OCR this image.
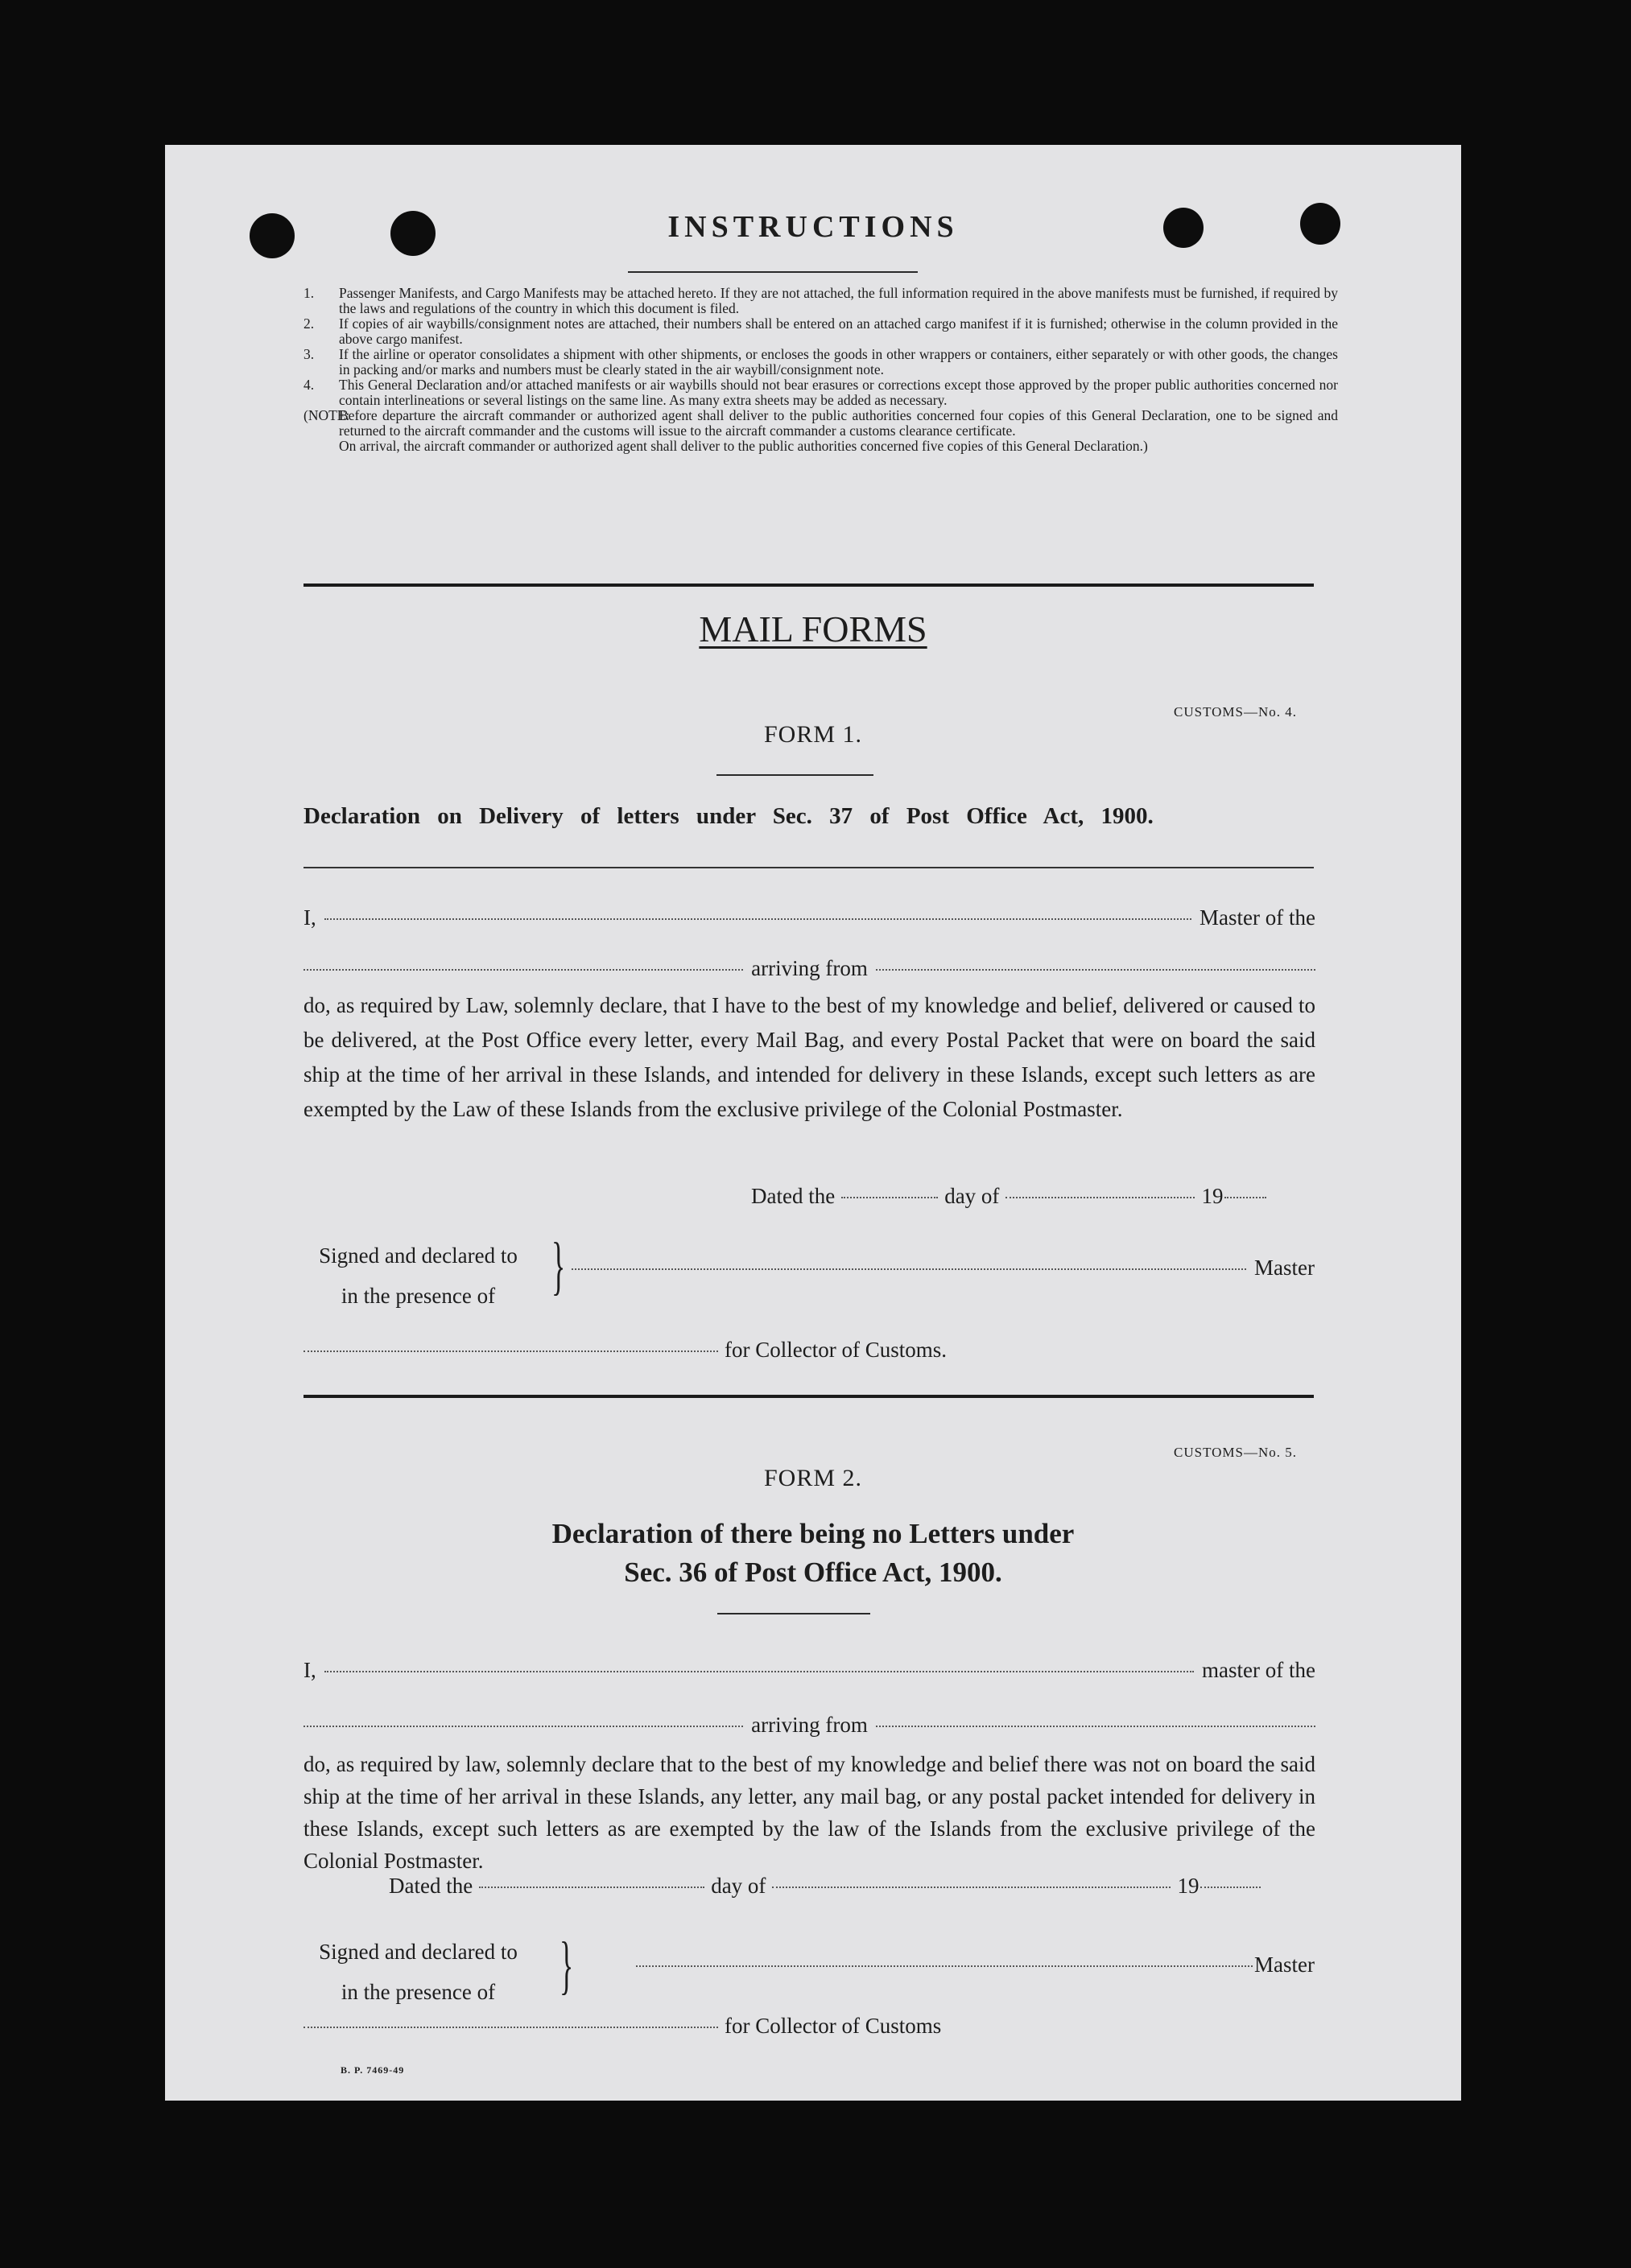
INSTRUCTIONS
1. Passenger Manifests, and Cargo Manifests may be attached hereto. If they are not attached, the full information required in the above manifests must be furnished, if required by the laws and regulations of the country in which this document is filed.
2. If copies of air waybills/consignment notes are attached, their numbers shall be entered on an attached cargo manifest if it is furnished; otherwise in the column provided in the above cargo manifest.
3. If the airline or operator consolidates a shipment with other shipments, or encloses the goods in other wrappers or containers, either separately or with other goods, the changes in packing and/or marks and numbers must be clearly stated in the air waybill/consignment note.
4. This General Declaration and/or attached manifests or air waybills should not bear erasures or corrections except those approved by the proper public authorities concerned nor contain interlineations or several listings on the same line. As many extra sheets may be added as necessary.
(NOTE:
Before departure the aircraft commander or authorized agent shall deliver to the public authorities concerned four copies of this General Declaration, one to be signed and returned to the aircraft commander and the customs will issue to the aircraft commander a customs clearance certificate.
On arrival, the aircraft commander or authorized agent shall deliver to the public authorities concerned five copies of this General Declaration.)
MAIL FORMS
CUSTOMS—No. 4.
FORM 1.
Declaration on Delivery of letters under Sec. 37 of Post Office Act, 1900.
I,	Master of the
arriving from
do, as required by Law, solemnly declare, that I have to the best of my knowledge and belief, delivered or caused to be delivered, at the Post Office every letter, every Mail Bag, and every Postal Packet that were on board the said ship at the time of her arrival in these Islands, and intended for delivery in these Islands, except such letters as are exempted by the Law of these Islands from the exclusive privilege of the Colonial Postmaster.
Dated the	day of	19
Signed and declared to
in the presence of }	Master
for Collector of Customs.
CUSTOMS—No. 5.
FORM 2.
Declaration of there being no Letters under
Sec. 36 of Post Office Act, 1900.
I,	master of the
arriving from
do, as required by law, solemnly declare that to the best of my knowledge and belief there was not on board the said ship at the time of her arrival in these Islands, any letter, any mail bag, or any postal packet intended for delivery in these Islands, except such letters as are exempted by the law of the Islands from the exclusive privilege of the Colonial Postmaster.
Dated the	day of	19
Signed and declared to
in the presence of }	Master
for Collector of Customs
B. P. 7469-49
